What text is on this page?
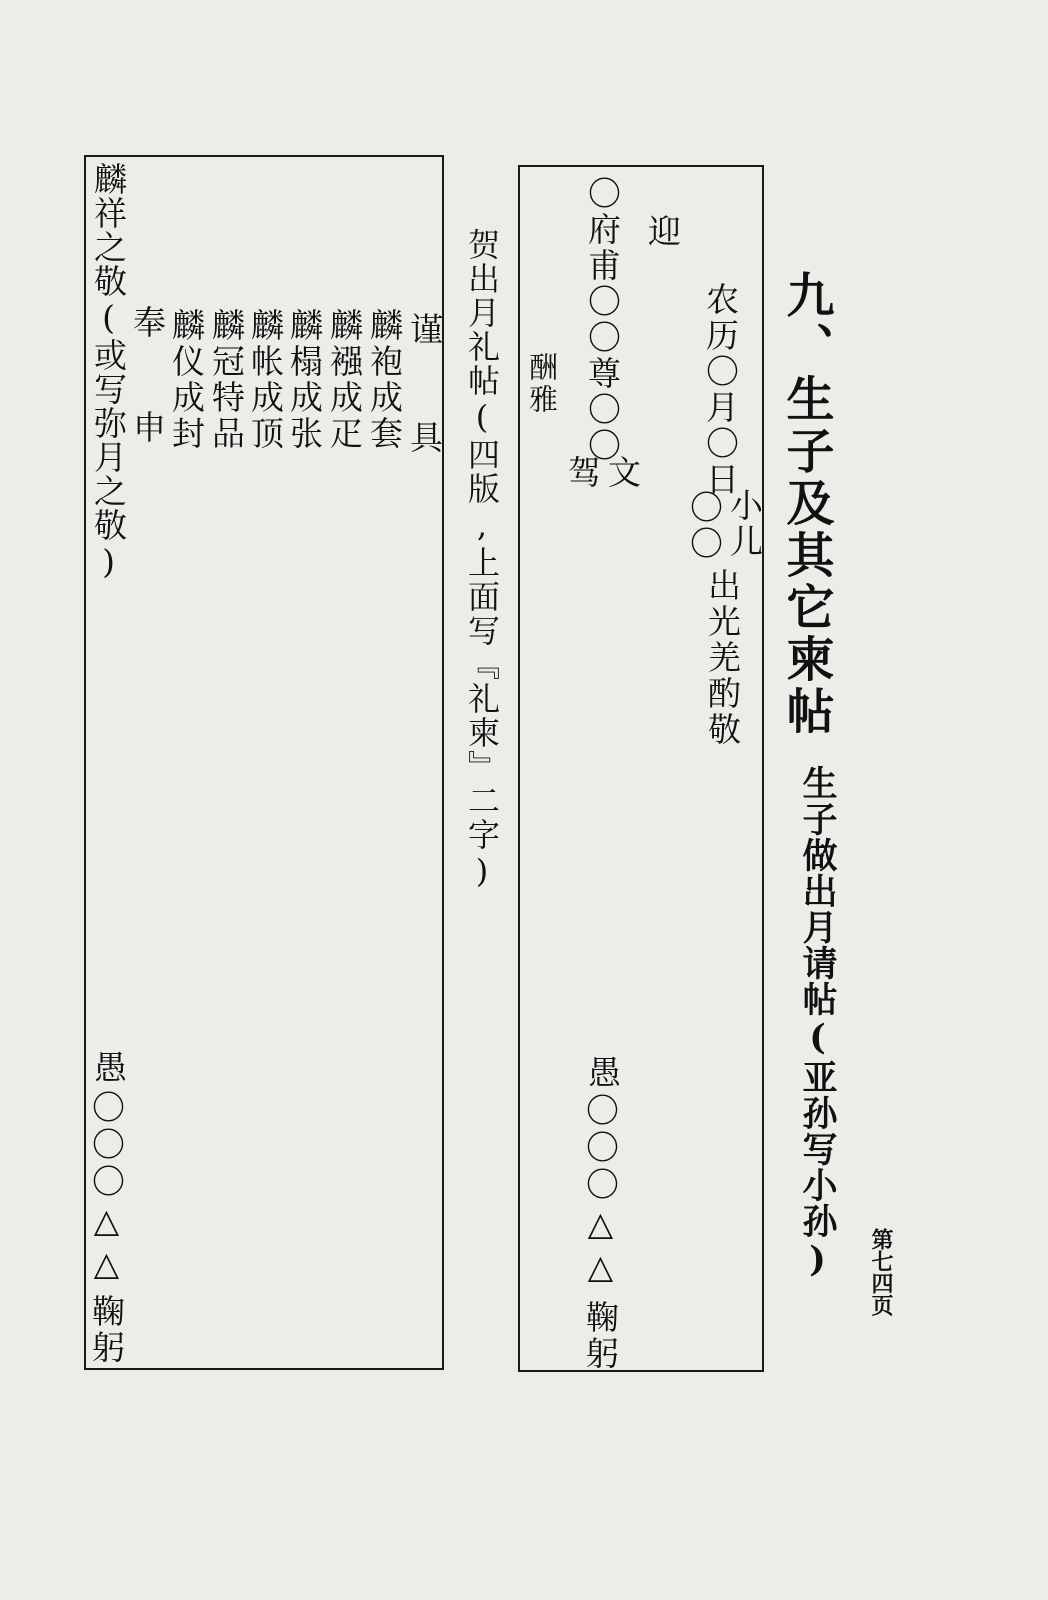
九、生子及其它柬帖
生子做出月请帖(亚孙写小孙) 第七四页
农历〇月〇日
小儿
〇〇
出光羌酌敬
迎
〇府甫〇〇尊〇〇
文
驾
酬雅
愚
〇〇〇△△
鞠躬
贺出月礼帖(四版,上面写『礼柬』二字)
谨
具
麟袍成套
麟襁成疋
麟榻成张
麟帐成顶
麟冠特品
麟仪成封
奉申
麟祥之敬(或写弥月之敬)
愚
〇〇〇△△
鞠躬
